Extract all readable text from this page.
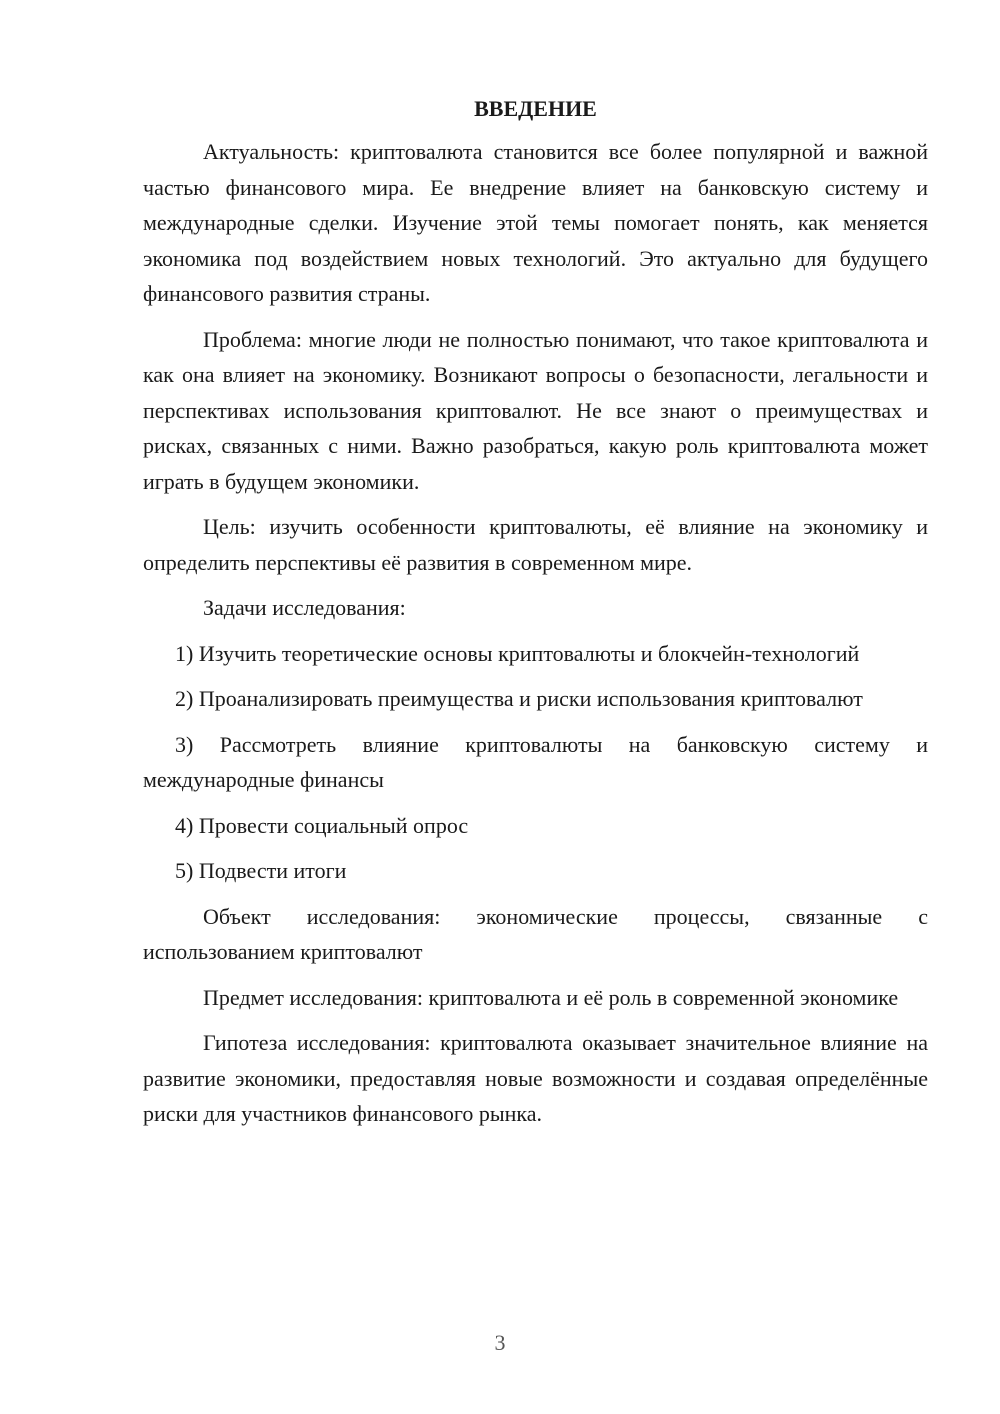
ВВЕДЕНИЕ

Актуальность: криптовалюта становится все более популярной и важной частью финансового мира. Ее внедрение влияет на банковскую систему и международные сделки. Изучение этой темы помогает понять, как меняется экономика под воздействием новых технологий. Это актуально для будущего финансового развития страны.

Проблема: многие люди не полностью понимают, что такое криптовалюта и как она влияет на экономику. Возникают вопросы о безопасности, легальности и перспективах использования криптовалют. Не все знают о преимуществах и рисках, связанных с ними. Важно разобраться, какую роль криптовалюта может играть в будущем экономики.

Цель: изучить особенности криптовалюты, её влияние на экономику и определить перспективы её развития в современном мире.

Задачи исследования:

1) Изучить теоретические основы криптовалюты и блокчейн-технологий

2) Проанализировать преимущества и риски использования криптовалют

3) Рассмотреть влияние криптовалюты на банковскую систему и международные финансы

4) Провести социальный опрос

5) Подвести итоги

Объект исследования: экономические процессы, связанные с использованием криптовалют

Предмет исследования: криптовалюта и её роль в современной экономике

Гипотеза исследования: криптовалюта оказывает значительное влияние на развитие экономики, предоставляя новые возможности и создавая определённые риски для участников финансового рынка.

3
